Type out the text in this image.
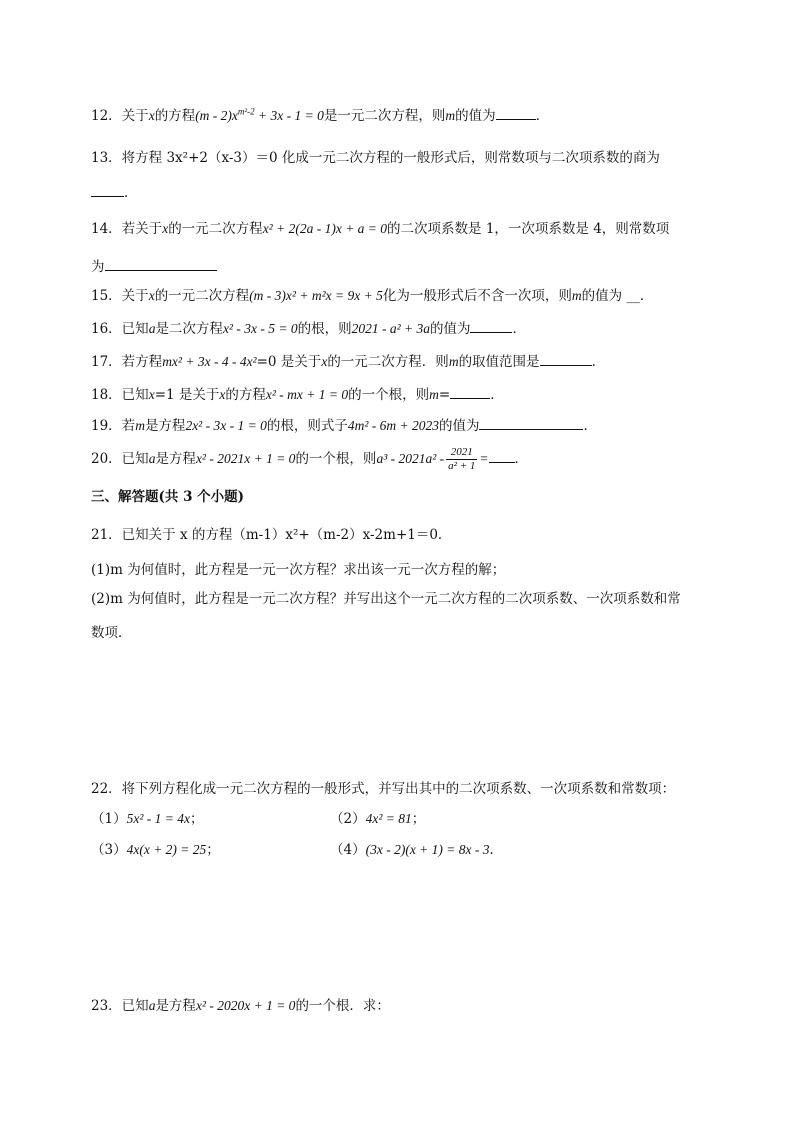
12．关于x的方程$(m - 2)x^{m^2-2} + 3x - 1 = 0$是一元二次方程，则m的值为	．
13．将方程 3x²+2（x-3）＝0 化成一元二次方程的一般形式后，则常数项与二次项系数的商为
．
14．若关于x的一元二次方程x² + 2(2a - 1)x + a = 0的二次项系数是 1，一次项系数是 4，则常数项
为
15．关于x的一元二次方程(m - 3)x² + m²x = 9x + 5化为一般形式后不含一次项，则m的值为 __．
16．已知a是二次方程x² - 3x - 5 = 0的根，则2021 - a² + 3a的值为	．
17．若方程mx² + 3x - 4 - 4x²=0 是关于x的一元二次方程．则m的取值范围是	．
18．已知x=1 是关于x的方程x² - mx + 1 = 0的一个根，则m=	．
19．若m是方程2x² - 3x - 1 = 0的根，则式子4m² - 6m + 2023的值为	．
20．已知a是方程x² - 2021x + 1 = 0的一个根，则$a^3 - 2021a^2 - \frac{2021}{\text{a² + 1}}$ = ．
三、解答题(共 3 个小题)
21．已知关于 x 的方程（m-1）x²+（m-2）x-2m+1＝0．
(1)m 为何值时，此方程是一元一次方程？求出该一元一次方程的解；
(2)m 为何值时，此方程是一元二次方程？并写出这个一元二次方程的二次项系数、一次项系数和常
数项．
22．将下列方程化成一元二次方程的一般形式，并写出其中的二次项系数、一次项系数和常数项：
（1）5x² - 1 = 4x；	（2）4x² = 81；
（3）4x(x + 2) = 25；	（4）(3x - 2)(x + 1) = 8x - 3．
23．已知a是方程x² - 2020x + 1 = 0的一个根．求：
